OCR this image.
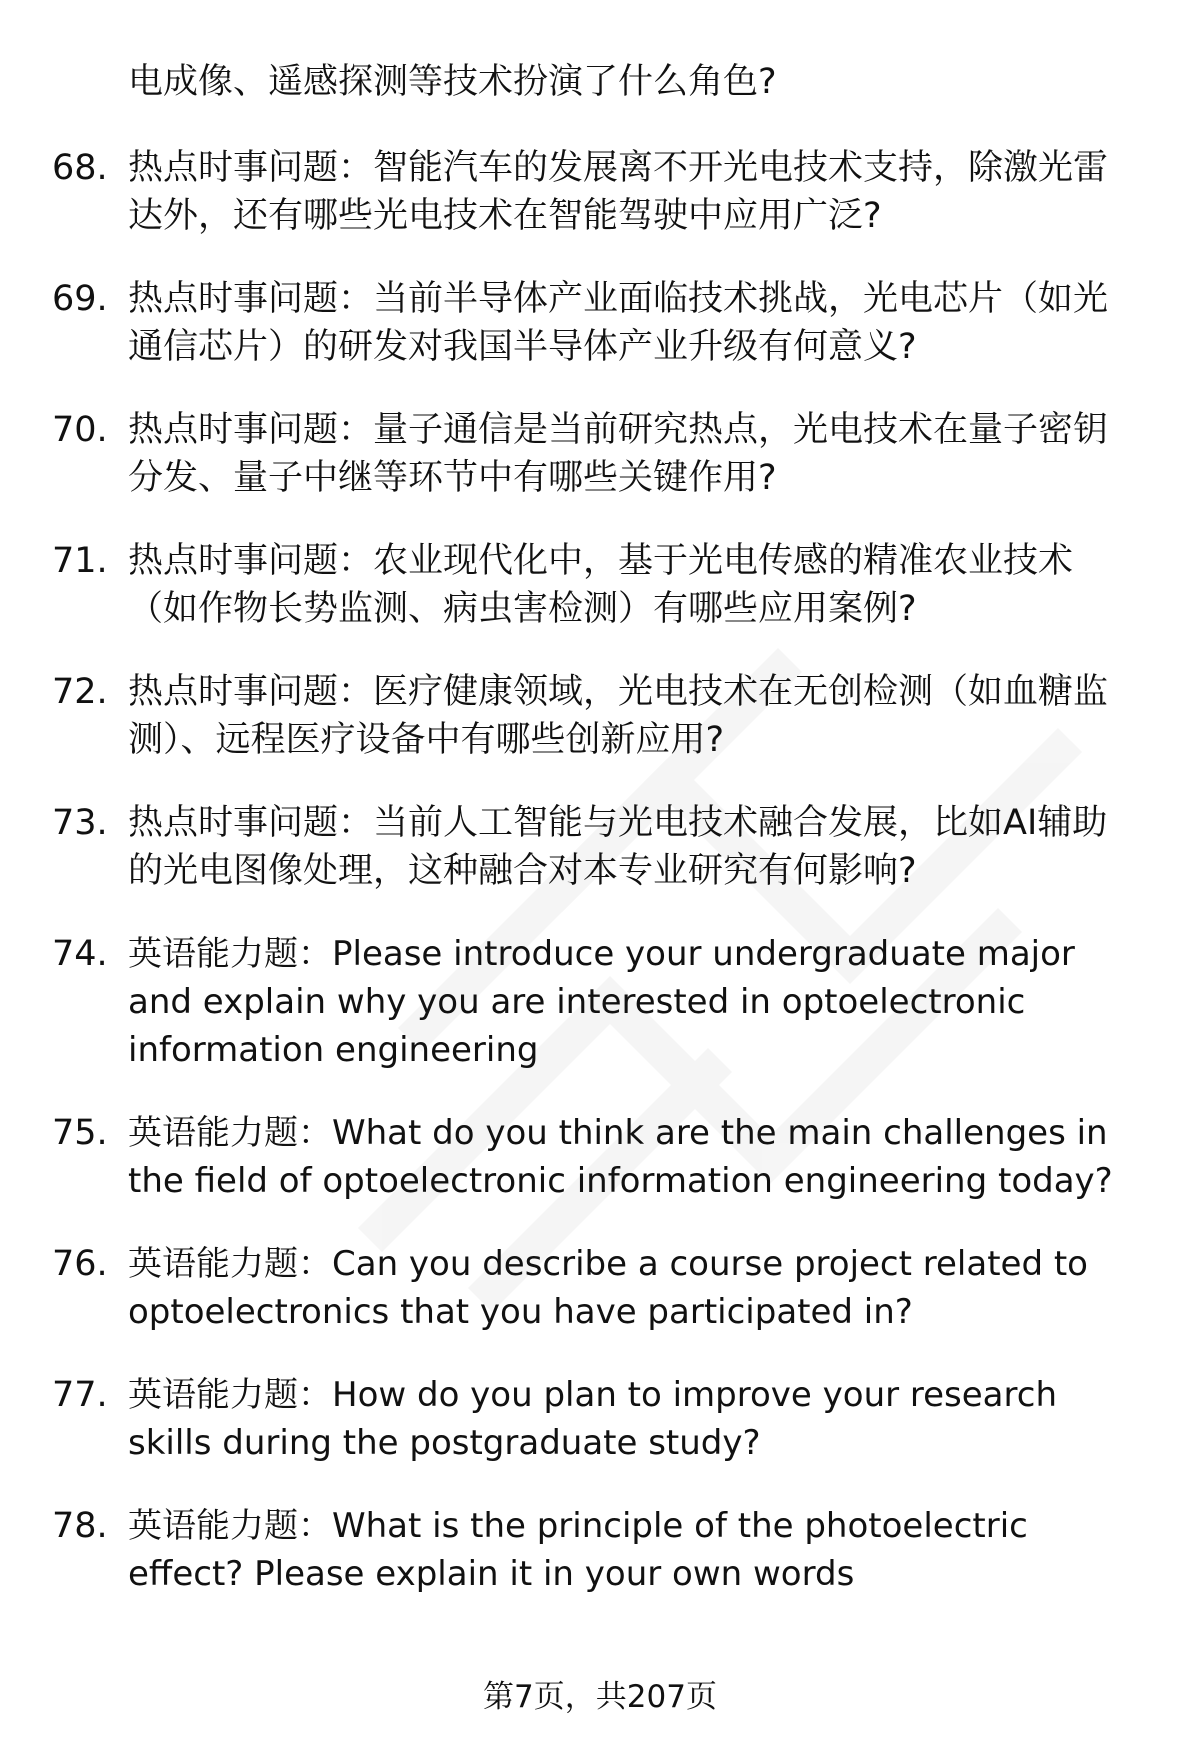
电成像、遥感探测等技术扮演了什么角色?
68. 热点时事问题：智能汽车的发展离不开光电技术支持，除激光雷
达外，还有哪些光电技术在智能驾驶中应用广泛?
69. 热点时事问题：当前半导体产业面临技术挑战，光电芯片（如光
通信芯片）的研发对我国半导体产业升级有何意义?
70. 热点时事问题：量子通信是当前研究热点，光电技术在量子密钥
分发、量子中继等环节中有哪些关键作用?
71. 热点时事问题：农业现代化中，基于光电传感的精准农业技术
（如作物长势监测、病虫害检测）有哪些应用案例?
72. 热点时事问题：医疗健康领域，光电技术在无创检测（如血糖监
测）、远程医疗设备中有哪些创新应用?
73. 热点时事问题：当前人工智能与光电技术融合发展，比如AI辅助
的光电图像处理，这种融合对本专业研究有何影响?
74. 英语能力题：Please introduce your undergraduate major
and explain why you are interested in optoelectronic
information engineering
75. 英语能力题：What do you think are the main challenges in
the field of optoelectronic information engineering today?
76. 英语能力题：Can you describe a course project related to
optoelectronics that you have participated in?
77. 英语能力题：How do you plan to improve your research
skills during the postgraduate study?
78. 英语能力题：What is the principle of the photoelectric
effect? Please explain it in your own words
第7页，共207页
